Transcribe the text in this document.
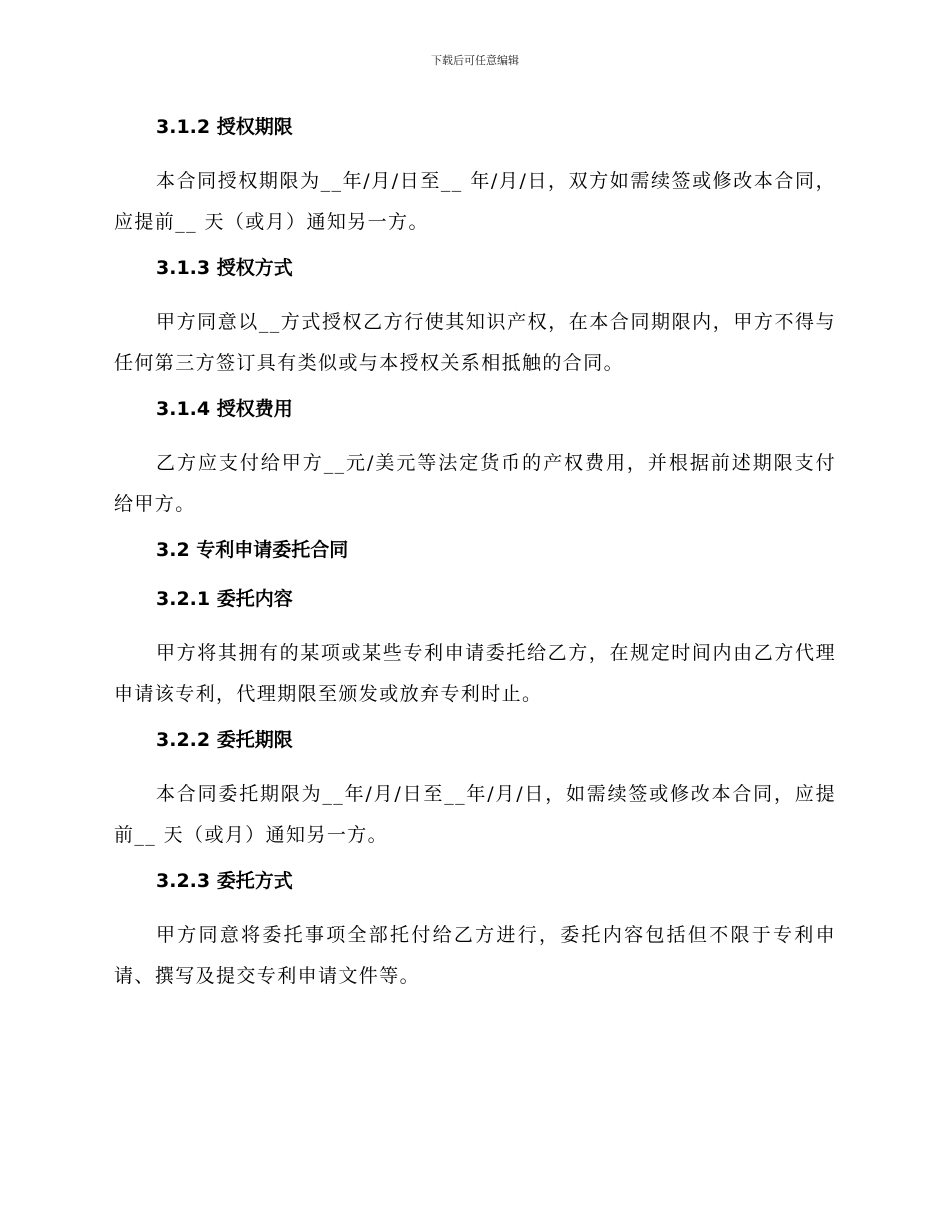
下载后可任意编辑
3.1.2 授权期限

本合同授权期限为__年/月/日至__ 年/月/日，双方如需续签或修改本合同，应提前__ 天（或月）通知另一方。

3.1.3 授权方式

甲方同意以__方式授权乙方行使其知识产权，在本合同期限内，甲方不得与任何第三方签订具有类似或与本授权关系相抵触的合同。

3.1.4 授权费用

乙方应支付给甲方__元/美元等法定货币的产权费用，并根据前述期限支付给甲方。

3.2 专利申请委托合同
3.2.1 委托内容

甲方将其拥有的某项或某些专利申请委托给乙方，在规定时间内由乙方代理申请该专利，代理期限至颁发或放弃专利时止。

3.2.2 委托期限

本合同委托期限为__年/月/日至__年/月/日，如需续签或修改本合同，应提前__ 天（或月）通知另一方。

3.2.3 委托方式

甲方同意将委托事项全部托付给乙方进行，委托内容包括但不限于专利申请、撰写及提交专利申请文件等。
